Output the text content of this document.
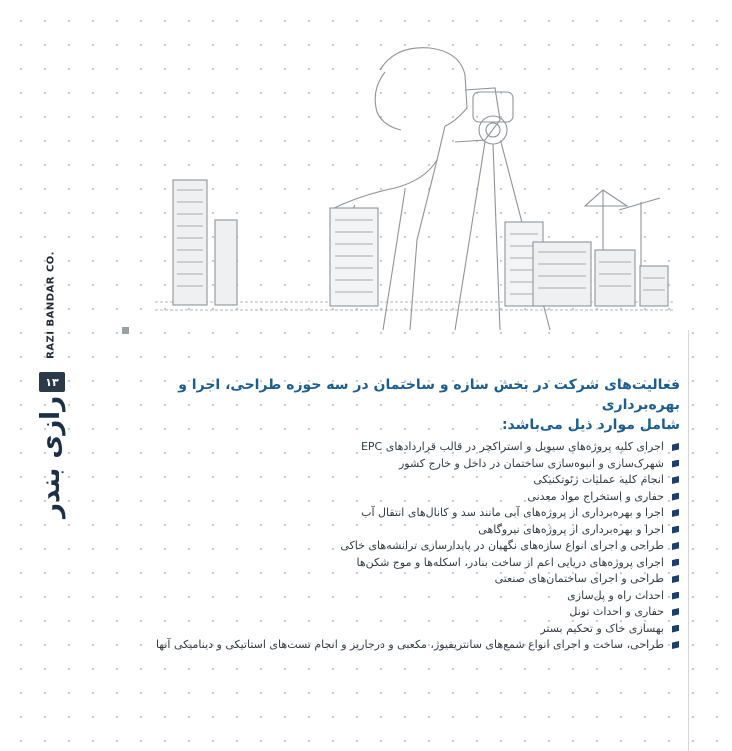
RAZI BANDAR CO.
۱۳
رازی بندر
فعالیت‌های شرکت در بخش سازه و ساختمان در سه حوزه طراحی، اجرا و بهره‌برداری
شامل موارد ذیل می‌باشد:
اجرای کلیه پروژه‌های سیویل و استراکچر در قالب قراردادهای EPC
شهرک‌سازی و انبوه‌سازی ساختمان در داخل و خارج کشور
انجام کلیه عملیات ژئوتکنیکی
حفاری و استخراج مواد معدنی
اجرا و بهره‌برداری از پروژه‌های آبی مانند سد و کانال‌های انتقال آب
اجرا و بهره‌برداری از پروژه‌های نیروگاهی
طراحی و اجرای انواع سازه‌های نگهبان در پایدارسازی ترانشه‌های خاکی
اجرای پروژه‌های دریایی اعم از ساخت بنادر، اسکله‌ها و موج شکن‌ها
طراحی و اجرای ساختمان‌های صنعتی
احداث راه و پل‌سازی
حفاری و احداث تونل
بهسازی خاک و تحکیم بستر
طراحی، ساخت و اجرای انواع شمع‌های سانتریفیوژ، مکعبی و درجاریز و انجام تست‌های استاتیکی و دینامیکی آنها
